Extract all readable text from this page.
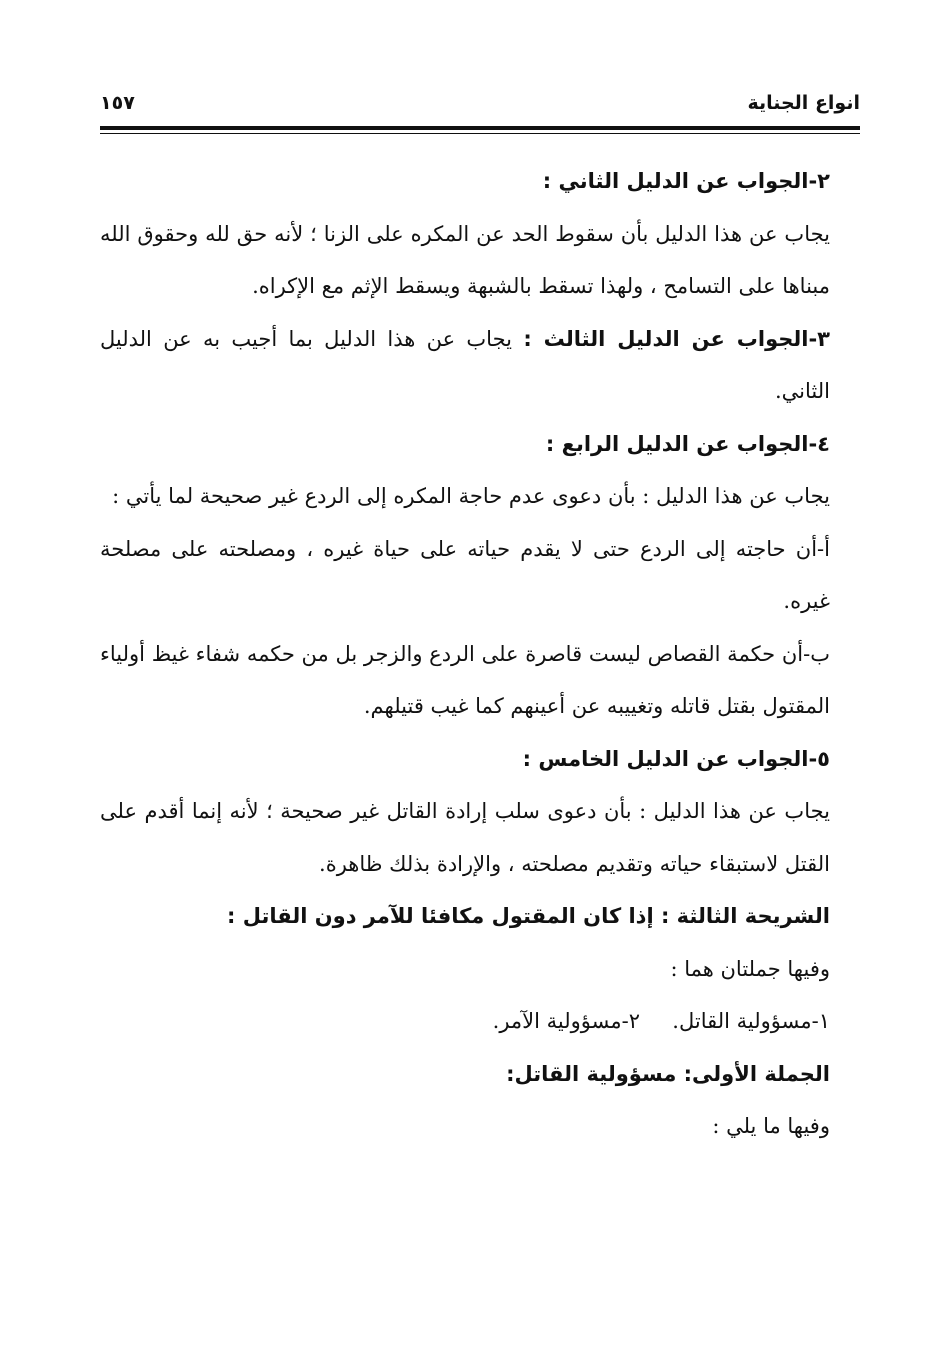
انواع الجناية
١٥٧

٢-الجواب عن الدليل الثاني :

يجاب عن هذا الدليل بأن سقوط الحد عن المكره على الزنا ؛ لأنه حق لله وحقوق الله مبناها على التسامح ، ولهذا تسقط بالشبهة ويسقط الإثم مع الإكراه.

٣-الجواب عن الدليل الثالث : يجاب عن هذا الدليل بما أجيب به عن الدليل الثاني.

٤-الجواب عن الدليل الرابع :

يجاب عن هذا الدليل : بأن دعوى عدم حاجة المكره إلى الردع غير صحيحة لما يأتي :

أ-أن حاجته إلى الردع حتى لا يقدم حياته على حياة غيره ، ومصلحته على مصلحة غيره.

ب-أن حكمة القصاص ليست قاصرة على الردع والزجر بل من حكمه شفاء غيظ أولياء المقتول بقتل قاتله وتغييبه عن أعينهم كما غيب قتيلهم.

٥-الجواب عن الدليل الخامس :

يجاب عن هذا الدليل : بأن دعوى سلب إرادة القاتل غير صحيحة ؛ لأنه إنما أقدم على القتل لاستبقاء حياته وتقديم مصلحته ، والإرادة بذلك ظاهرة.

الشريحة الثالثة : إذا كان المقتول مكافئا للآمر دون القاتل :

وفيها جملتان هما :

١-مسؤولية القاتل.
٢-مسؤولية الآمر.

الجملة الأولى: مسؤولية القاتل:

وفيها ما يلي :
